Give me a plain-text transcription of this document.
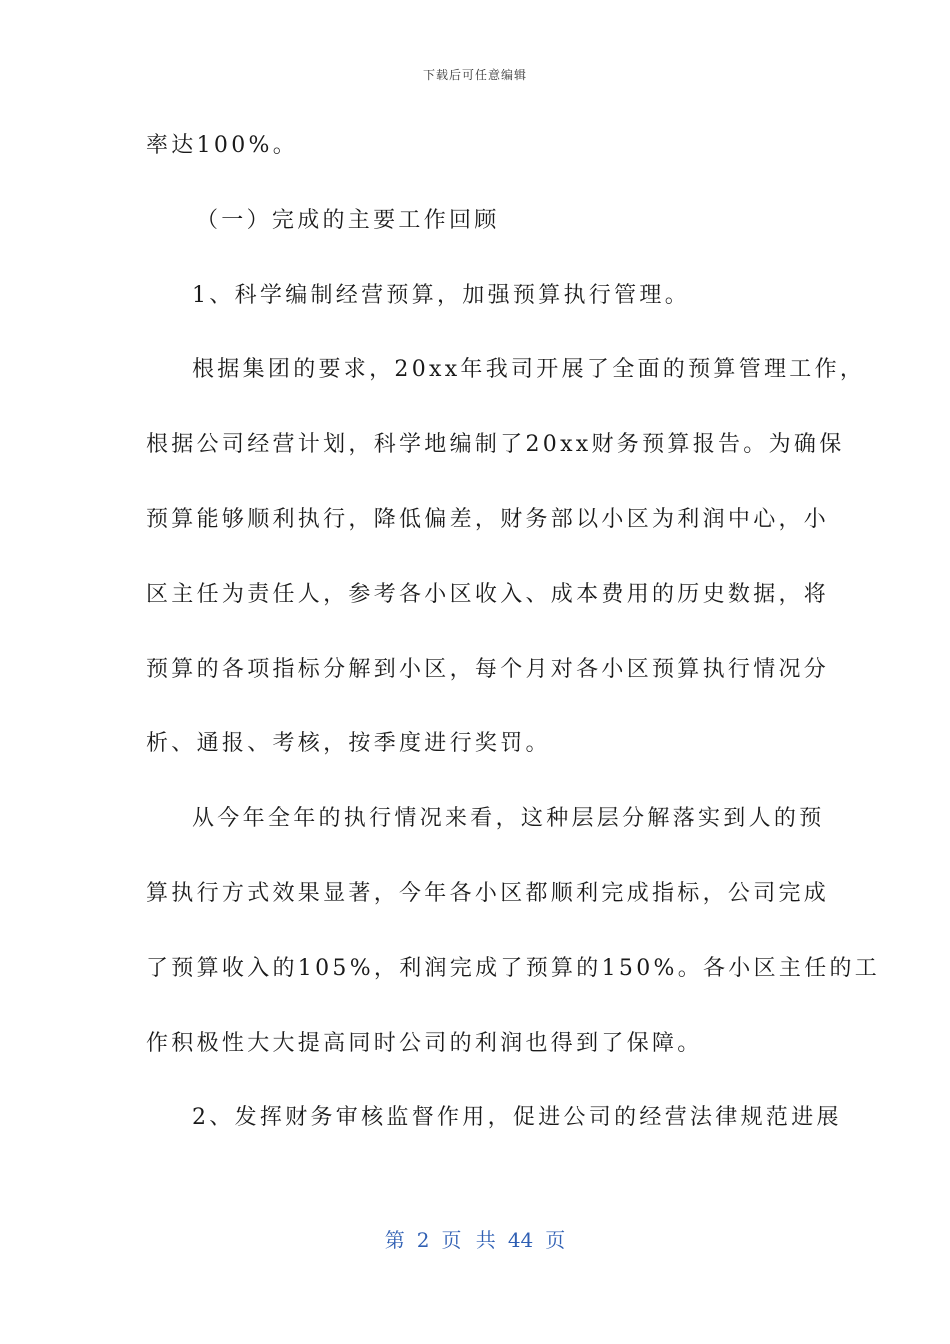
下载后可任意编辑
率达100%。
（一）完成的主要工作回顾
1、科学编制经营预算，加强预算执行管理。
根据集团的要求，20xx年我司开展了全面的预算管理工作，
根据公司经营计划，科学地编制了20xx财务预算报告。为确保
预算能够顺利执行，降低偏差，财务部以小区为利润中心，小
区主任为责任人，参考各小区收入、成本费用的历史数据，将
预算的各项指标分解到小区，每个月对各小区预算执行情况分
析、通报、考核，按季度进行奖罚。
从今年全年的执行情况来看，这种层层分解落实到人的预
算执行方式效果显著，今年各小区都顺利完成指标，公司完成
了预算收入的105%，利润完成了预算的150%。各小区主任的工
作积极性大大提高同时公司的利润也得到了保障。
2、发挥财务审核监督作用，促进公司的经营法律规范进展
第 2 页 共 44 页
